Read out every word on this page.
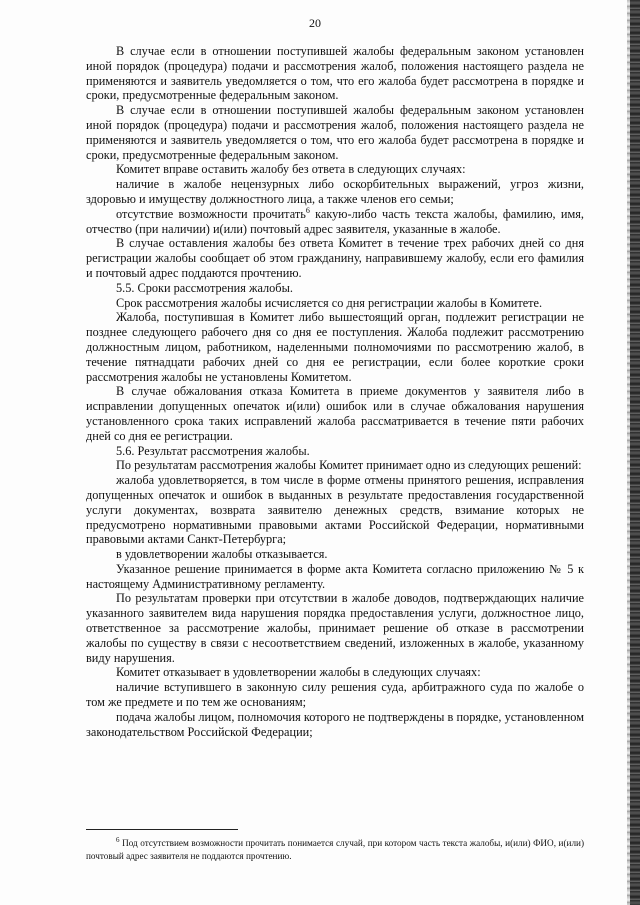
20

В случае если в отношении поступившей жалобы федеральным законом установлен иной порядок (процедура) подачи и рассмотрения жалоб, положения настоящего раздела не применяются и заявитель уведомляется о том, что его жалоба будет рассмотрена в порядке и сроки, предусмотренные федеральным законом.

В случае если в отношении поступившей жалобы федеральным законом установлен иной порядок (процедура) подачи и рассмотрения жалоб, положения настоящего раздела не применяются и заявитель уведомляется о том, что его жалоба будет рассмотрена в порядке и сроки, предусмотренные федеральным законом.

Комитет вправе оставить жалобу без ответа в следующих случаях:

наличие в жалобе нецензурных либо оскорбительных выражений, угроз жизни, здоровью и имуществу должностного лица, а также членов его семьи;

отсутствие возможности прочитать$^6$ какую-либо часть текста жалобы, фамилию, имя, отчество (при наличии) и(или) почтовый адрес заявителя, указанные в жалобе.

В случае оставления жалобы без ответа Комитет в течение трех рабочих дней со дня регистрации жалобы сообщает об этом гражданину, направившему жалобу, если его фамилия и почтовый адрес поддаются прочтению.

5.5. Сроки рассмотрения жалобы.

Срок рассмотрения жалобы исчисляется со дня регистрации жалобы в Комитете.

Жалоба, поступившая в Комитет либо вышестоящий орган, подлежит регистрации не позднее следующего рабочего дня со дня ее поступления. Жалоба подлежит рассмотрению должностным лицом, работником, наделенными полномочиями по рассмотрению жалоб, в течение пятнадцати рабочих дней со дня ее регистрации, если более короткие сроки рассмотрения жалобы не установлены Комитетом.

В случае обжалования отказа Комитета в приеме документов у заявителя либо в исправлении допущенных опечаток и(или) ошибок или в случае обжалования нарушения установленного срока таких исправлений жалоба рассматривается в течение пяти рабочих дней со дня ее регистрации.

5.6. Результат рассмотрения жалобы.

По результатам рассмотрения жалобы Комитет принимает одно из следующих решений:

жалоба удовлетворяется, в том числе в форме отмены принятого решения, исправления допущенных опечаток и ошибок в выданных в результате предоставления государственной услуги документах, возврата заявителю денежных средств, взимание которых не предусмотрено нормативными правовыми актами Российской Федерации, нормативными правовыми актами Санкт-Петербурга;

в удовлетворении жалобы отказывается.

Указанное решение принимается в форме акта Комитета согласно приложению № 5 к настоящему Административному регламенту.

По результатам проверки при отсутствии в жалобе доводов, подтверждающих наличие указанного заявителем вида нарушения порядка предоставления услуги, должностное лицо, ответственное за рассмотрение жалобы, принимает решение об отказе в рассмотрении жалобы по существу в связи с несоответствием сведений, изложенных в жалобе, указанному виду нарушения.

Комитет отказывает в удовлетворении жалобы в следующих случаях:

наличие вступившего в законную силу решения суда, арбитражного суда по жалобе о том же предмете и по тем же основаниям;

подача жалобы лицом, полномочия которого не подтверждены в порядке, установленном законодательством Российской Федерации;

$^6$ Под отсутствием возможности прочитать понимается случай, при котором часть текста жалобы, и(или) ФИО, и(или) почтовый адрес заявителя не поддаются прочтению.
